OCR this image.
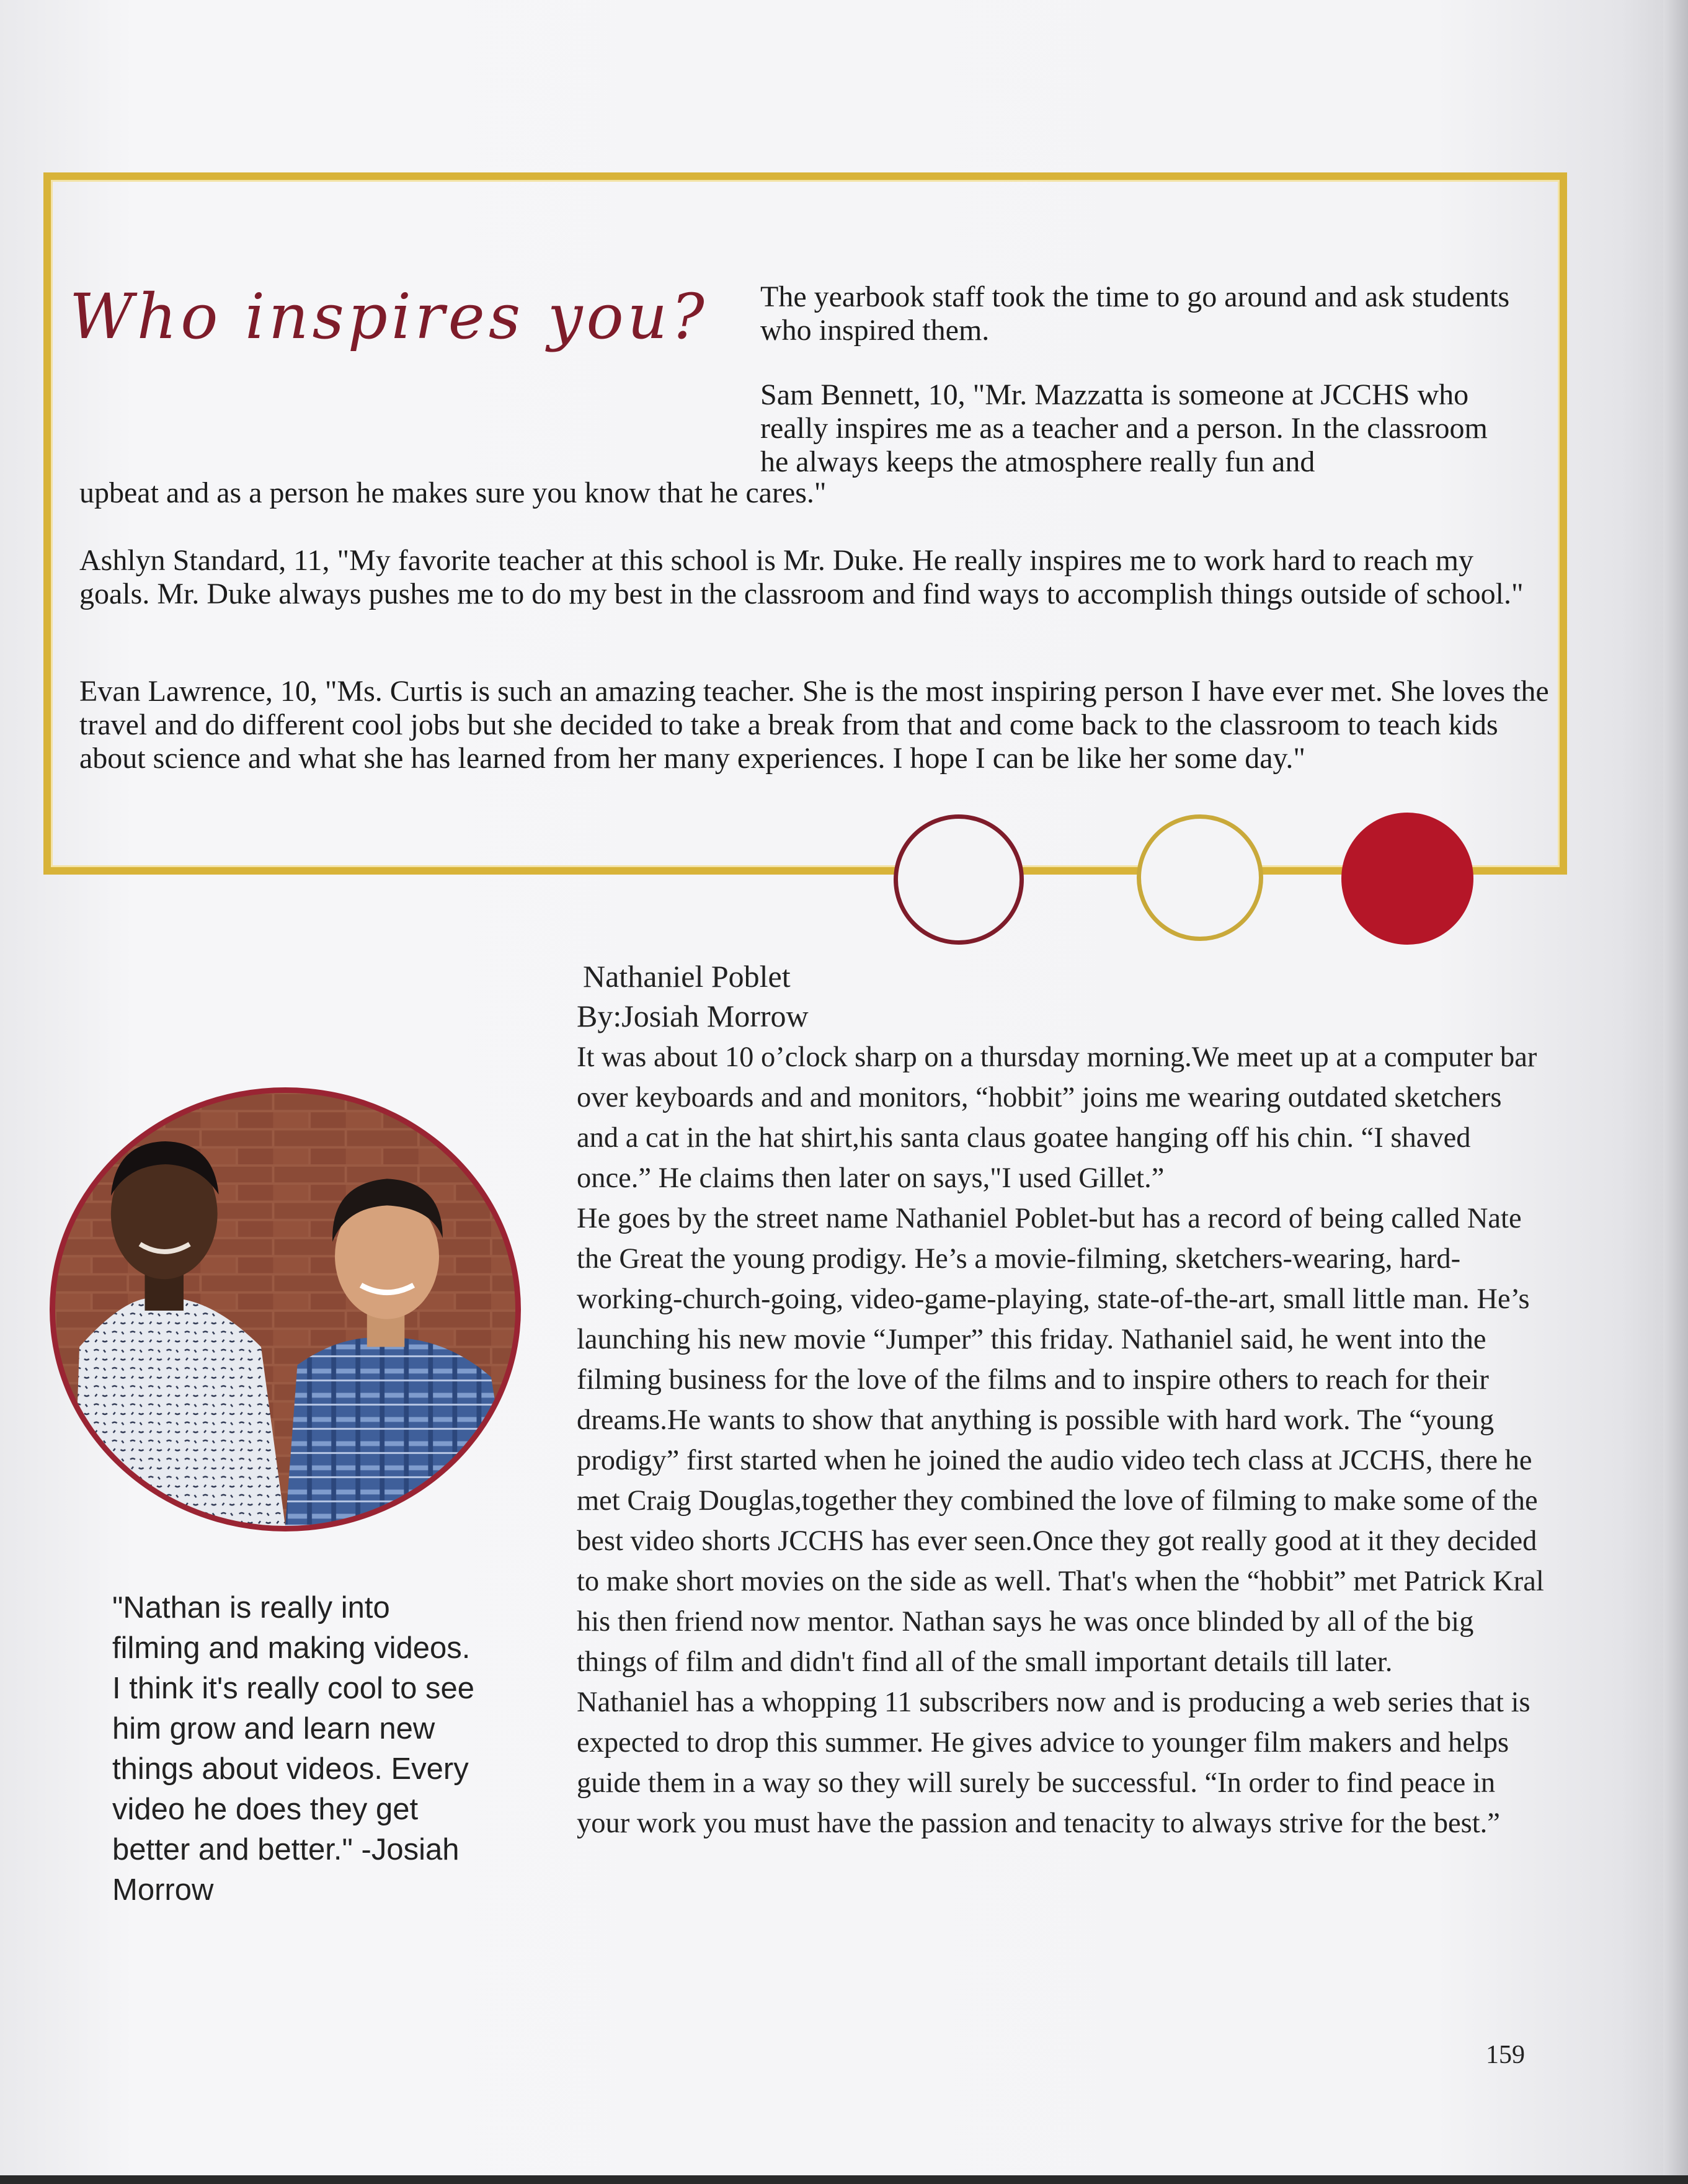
Who inspires you? The yearbook staff took the time to go around and ask students who inspired them.

Sam Bennett, 10, "Mr. Mazzatta is someone at JCCHS who really inspires me as a teacher and a person. In the classroom he always keeps the atmosphere really fun and

upbeat and as a person he makes sure you know that he cares."

Ashlyn Standard, 11, "My favorite teacher at this school is Mr. Duke. He really inspires me to work hard to reach my goals. Mr. Duke always pushes me to do my best in the classroom and find ways to accomplish things outside of school."

Evan Lawrence, 10, "Ms. Curtis is such an amazing teacher. She is the most inspiring person I have ever met. She loves the travel and do different cool jobs but she decided to take a break from that and come back to the classroom to teach kids about science and what she has learned from her many experiences. I hope I can be like her some day."

"Nathan is really into filming and making videos. I think it's really cool to see him grow and learn new things about videos. Every video he does they get better and better." -Josiah Morrow

Nathaniel Poblet
By:Josiah Morrow

It was about 10 o’clock sharp on a thursday morning.We meet up at a computer bar over keyboards and and monitors, “hobbit” joins me wearing outdated sketchers and a cat in the hat shirt,his santa claus goatee hanging off his chin. “I shaved once.” He claims then later on says,"I used Gillet.”

He goes by the street name Nathaniel Poblet-but has a record of being called Nate the Great the young prodigy. He’s a movie-filming, sketchers-wearing, hard-working-church-going, video-game-playing, state-of-the-art, small little man. He’s launching his new movie “Jumper” this friday. Nathaniel said, he went into the filming business for the love of the films and to inspire others to reach for their dreams.He wants to show that anything is possible with hard work. The “young prodigy” first started when he joined the audio video tech class at JCCHS, there he met Craig Douglas,together they combined the love of filming to make some of the best video shorts JCCHS has ever seen.Once they got really good at it they decided to make short movies on the side as well. That's when the “hobbit” met Patrick Kral his then friend now mentor. Nathan says he was once blinded by all of the big things of film and didn't find all of the small important details till later.

Nathaniel has a whopping 11 subscribers now and is producing a web series that is expected to drop this summer. He gives advice to younger film makers and helps guide them in a way so they will surely be successful. “In order to find peace in your work you must have the passion and tenacity to always strive for the best.”

159
